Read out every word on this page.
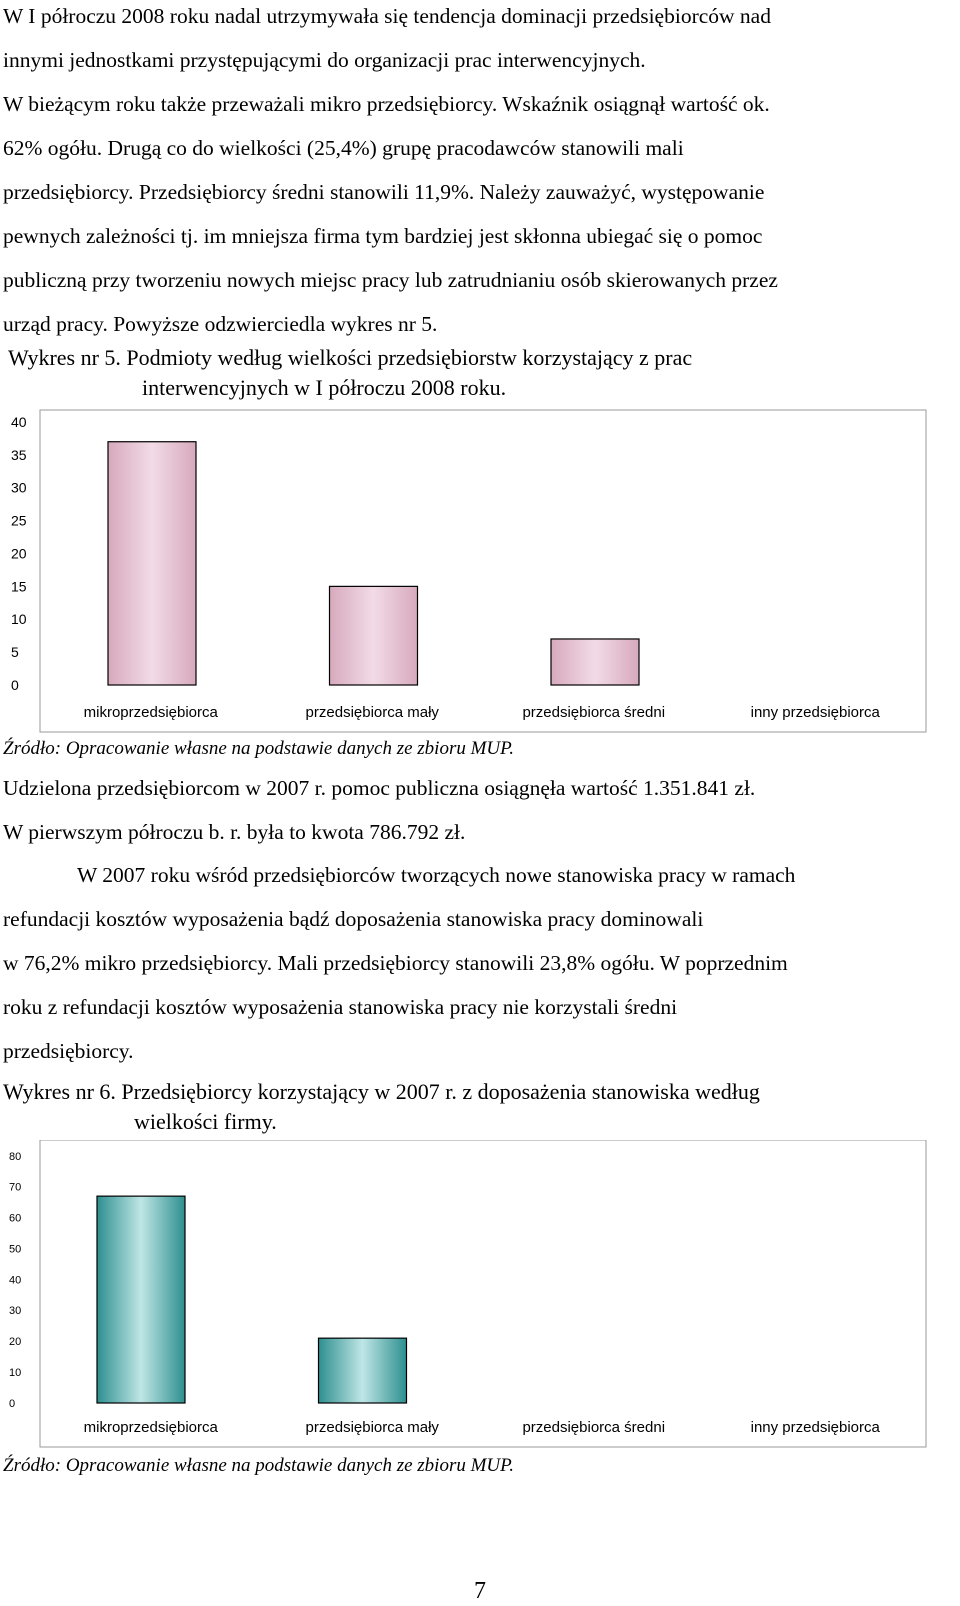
W I półroczu 2008 roku nadal utrzymywała się tendencja dominacji przedsiębiorców nad
innymi jednostkami przystępującymi do organizacji prac interwencyjnych.
W bieżącym roku także przeważali mikro przedsiębiorcy. Wskaźnik osiągnął wartość ok.
62% ogółu. Drugą co do wielkości (25,4%) grupę pracodawców stanowili mali
przedsiębiorcy. Przedsiębiorcy średni stanowili 11,9%. Należy zauważyć, występowanie
pewnych zależności tj. im mniejsza firma tym bardziej jest skłonna ubiegać się o pomoc
publiczną przy tworzeniu nowych miejsc pracy lub zatrudnianiu osób skierowanych przez
urząd pracy. Powyższe odzwierciedla wykres nr 5.
Wykres nr 5. Podmioty według wielkości przedsiębiorstw korzystający z prac
interwencyjnych w I półroczu 2008 roku.
0
5
10
15
20
25
30
35
40
mikroprzedsiębiorca	przedsiębiorca mały	przedsiębiorca średni	inny przedsiębiorca
Źródło: Opracowanie własne na podstawie danych ze zbioru MUP.
Udzielona przedsiębiorcom w 2007 r. pomoc publiczna osiągnęła wartość 1.351.841 zł.
W pierwszym półroczu b. r. była to kwota 786.792 zł.
W 2007 roku wśród przedsiębiorców tworzących nowe stanowiska pracy w ramach
refundacji kosztów wyposażenia bądź doposażenia stanowiska pracy dominowali
w 76,2% mikro przedsiębiorcy. Mali przedsiębiorcy stanowili 23,8% ogółu. W poprzednim
roku z refundacji kosztów wyposażenia stanowiska pracy nie korzystali średni
przedsiębiorcy.
Wykres nr 6. Przedsiębiorcy korzystający w 2007 r. z doposażenia stanowiska według
wielkości firmy.
0
10
20
30
40
50
60
70
80
mikroprzedsiębiorca	przedsiębiorca mały	przedsiębiorca średni	inny przedsiębiorca
Źródło: Opracowanie własne na podstawie danych ze zbioru MUP.
7
